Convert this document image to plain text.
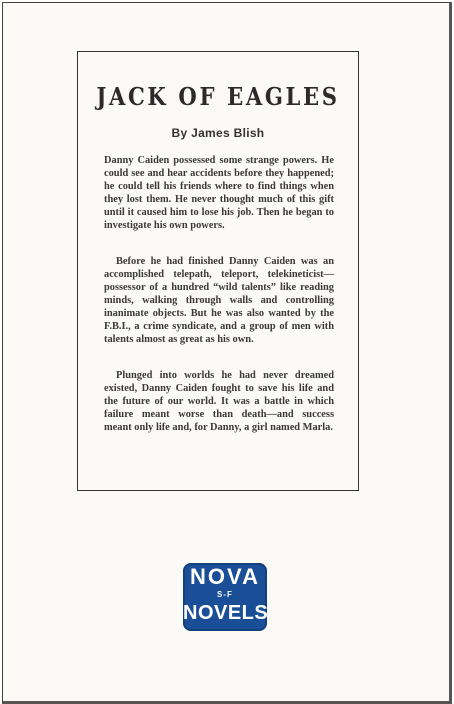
JACK OF EAGLES
By James Blish

Danny Caiden possessed some strange powers. He could see and hear accidents before they happened; he could tell his friends where to find things when they lost them. He never thought much of this gift until it caused him to lose his job. Then he began to investigate his own powers.

Before he had finished Danny Caiden was an accomplished telepath, teleport, telekineticist—possessor of a hundred “wild talents” like reading minds, walking through walls and controlling inanimate objects. But he was also wanted by the F.B.I., a crime syndicate, and a group of men with talents almost as great as his own.

Plunged into worlds he had never dreamed existed, Danny Caiden fought to save his life and the future of our world. It was a battle in which failure meant worse than death—and success meant only life and, for Danny, a girl named Marla.

NOVA
S-F
NOVELS
